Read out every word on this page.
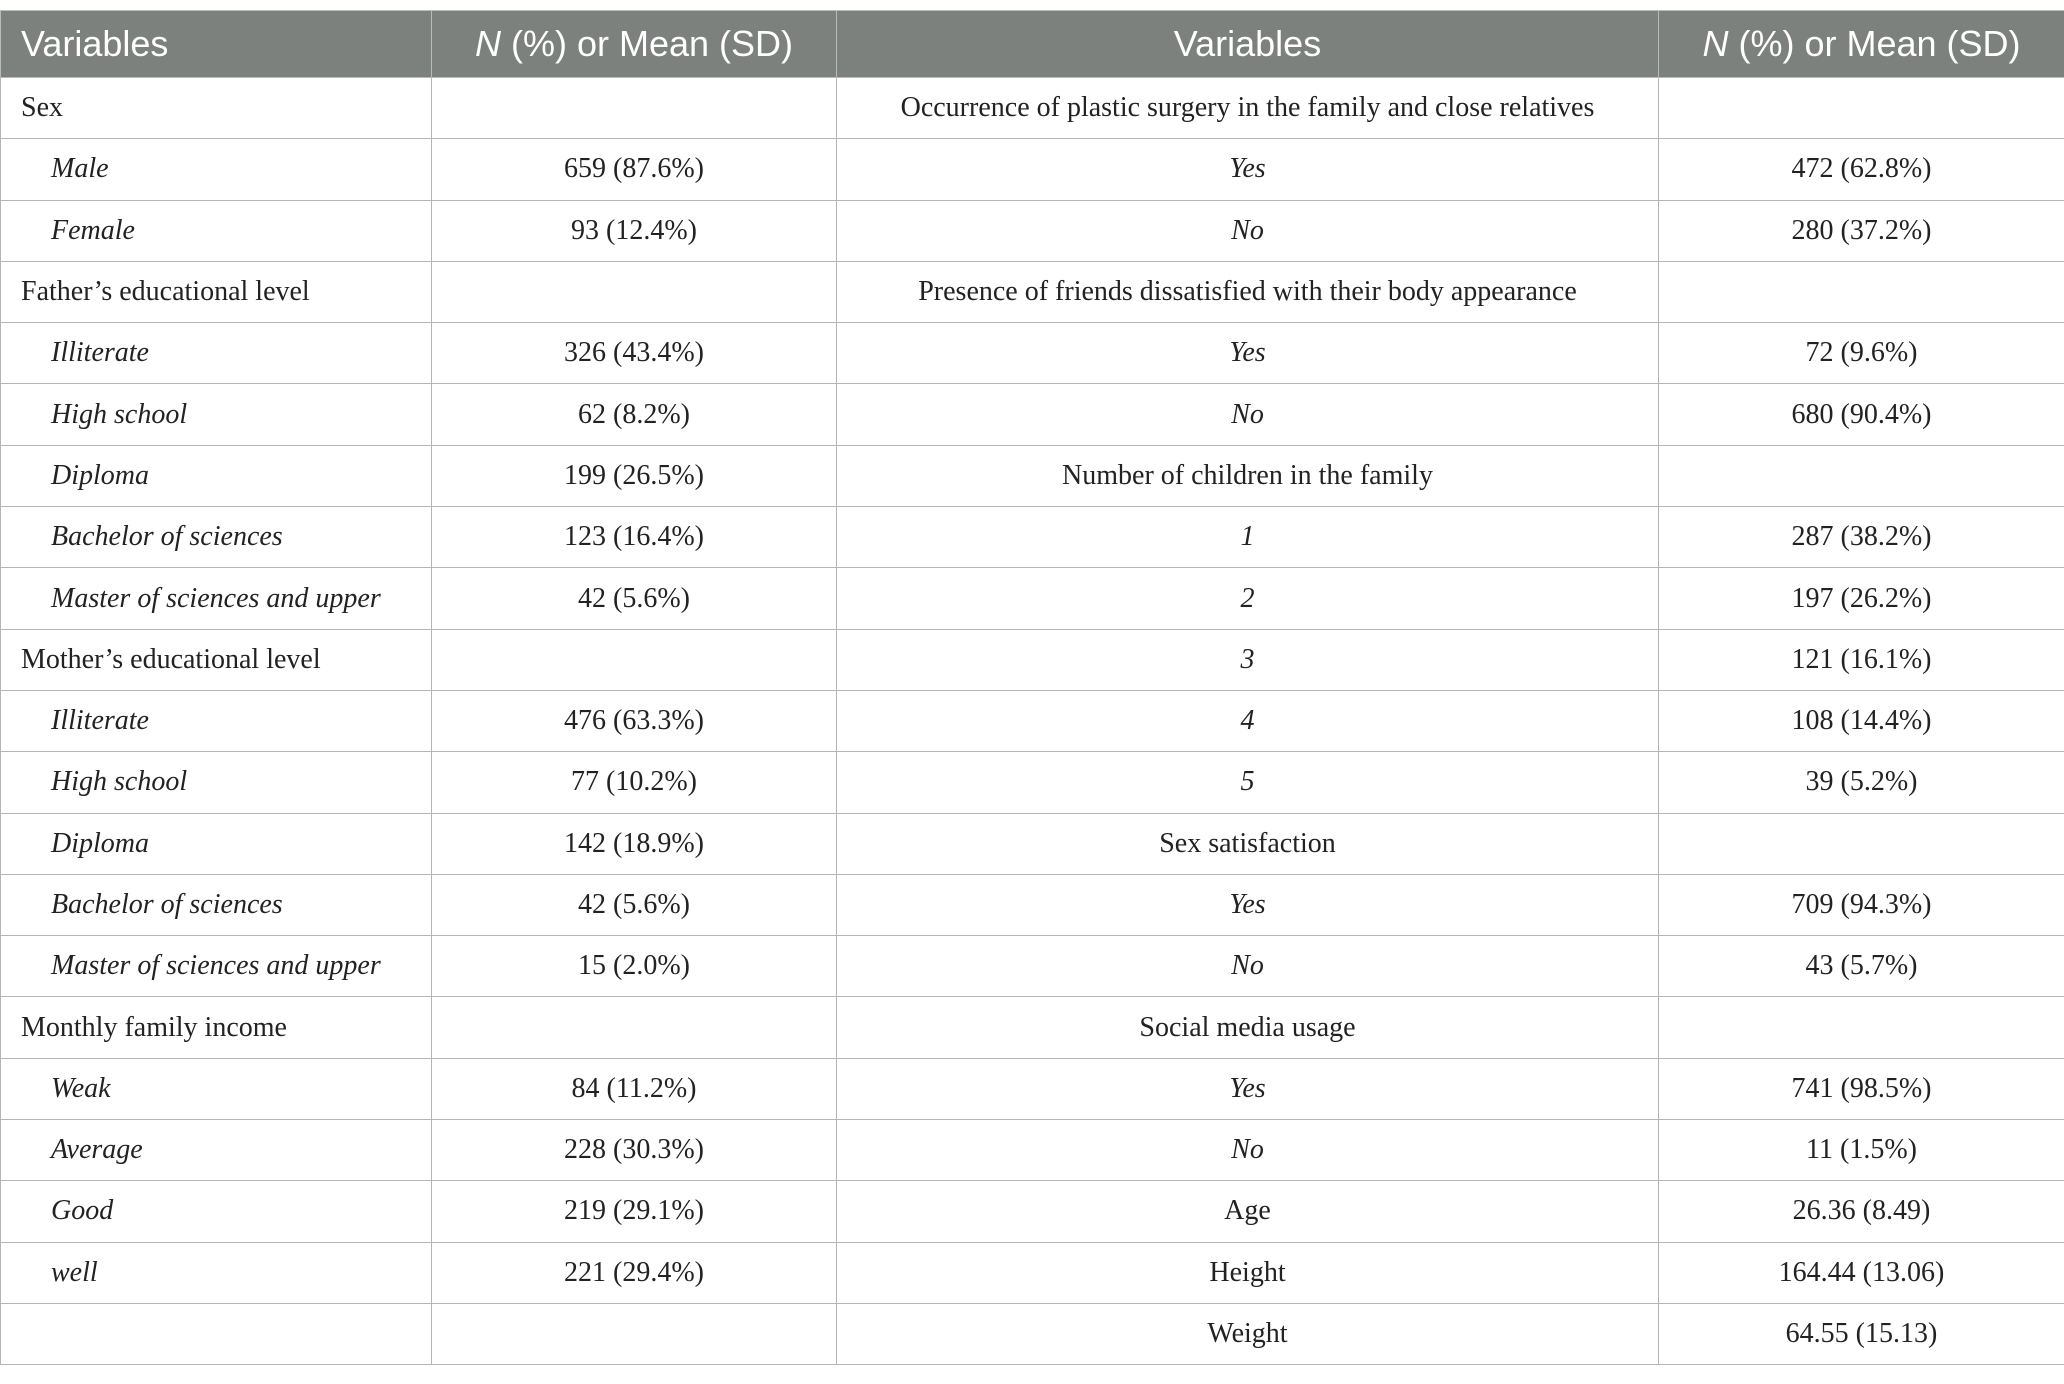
Variables	N (%) or Mean (SD)	Variables	N (%) or Mean (SD)
Sex		Occurrence of plastic surgery in the family and close relatives	
Male	659 (87.6%)	Yes	472 (62.8%)
Female	93 (12.4%)	No	280 (37.2%)
Father’s educational level		Presence of friends dissatisfied with their body appearance	
Illiterate	326 (43.4%)	Yes	72 (9.6%)
High school	62 (8.2%)	No	680 (90.4%)
Diploma	199 (26.5%)	Number of children in the family	
Bachelor of sciences	123 (16.4%)	1	287 (38.2%)
Master of sciences and upper	42 (5.6%)	2	197 (26.2%)
Mother’s educational level		3	121 (16.1%)
Illiterate	476 (63.3%)	4	108 (14.4%)
High school	77 (10.2%)	5	39 (5.2%)
Diploma	142 (18.9%)	Sex satisfaction	
Bachelor of sciences	42 (5.6%)	Yes	709 (94.3%)
Master of sciences and upper	15 (2.0%)	No	43 (5.7%)
Monthly family income		Social media usage	
Weak	84 (11.2%)	Yes	741 (98.5%)
Average	228 (30.3%)	No	11 (1.5%)
Good	219 (29.1%)	Age	26.36 (8.49)
well	221 (29.4%)	Height	164.44 (13.06)
		Weight	64.55 (15.13)
